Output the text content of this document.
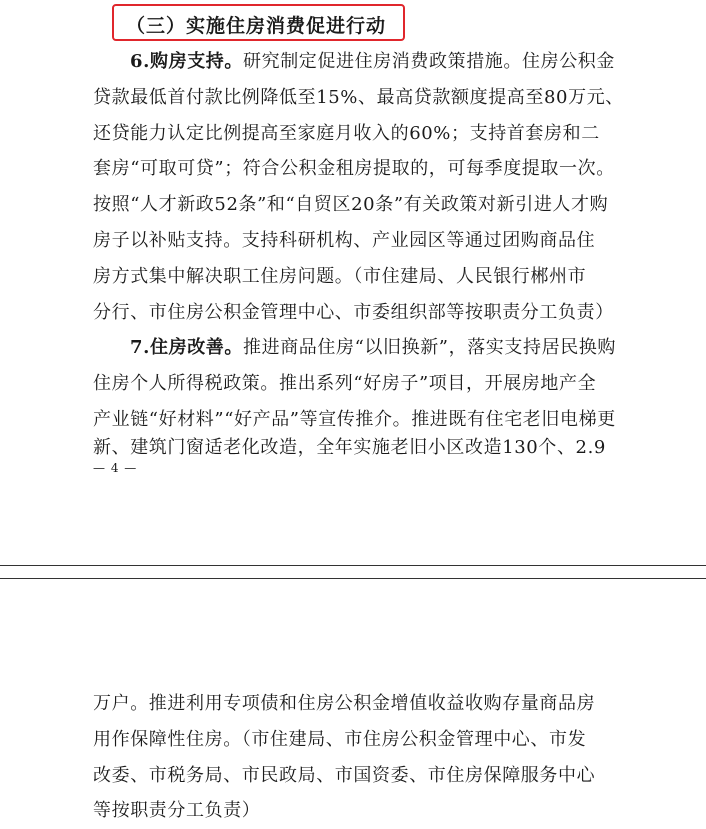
（三）实施住房消费促进行动
6.购房支持。研究制定促进住房消费政策措施。住房公积金
贷款最低首付款比例降低至15%、最高贷款额度提高至80万元、
还贷能力认定比例提高至家庭月收入的60%；支持首套房和二
套房“可取可贷”；符合公积金租房提取的，可每季度提取一次。
按照“人才新政52条”和“自贸区20条”有关政策对新引进人才购
房子以补贴支持。支持科研机构、产业园区等通过团购商品住
房方式集中解决职工住房问题。（市住建局、人民银行郴州市
分行、市住房公积金管理中心、市委组织部等按职责分工负责）
7.住房改善。推进商品住房“以旧换新”，落实支持居民换购
住房个人所得税政策。推出系列“好房子”项目，开展房地产全
产业链“好材料”“好产品”等宣传推介。推进既有住宅老旧电梯更
新、建筑门窗适老化改造，全年实施老旧小区改造130个、2.9
— 4 —
万户。推进利用专项债和住房公积金增值收益收购存量商品房
用作保障性住房。（市住建局、市住房公积金管理中心、市发
改委、市税务局、市民政局、市国资委、市住房保障服务中心
等按职责分工负责）
